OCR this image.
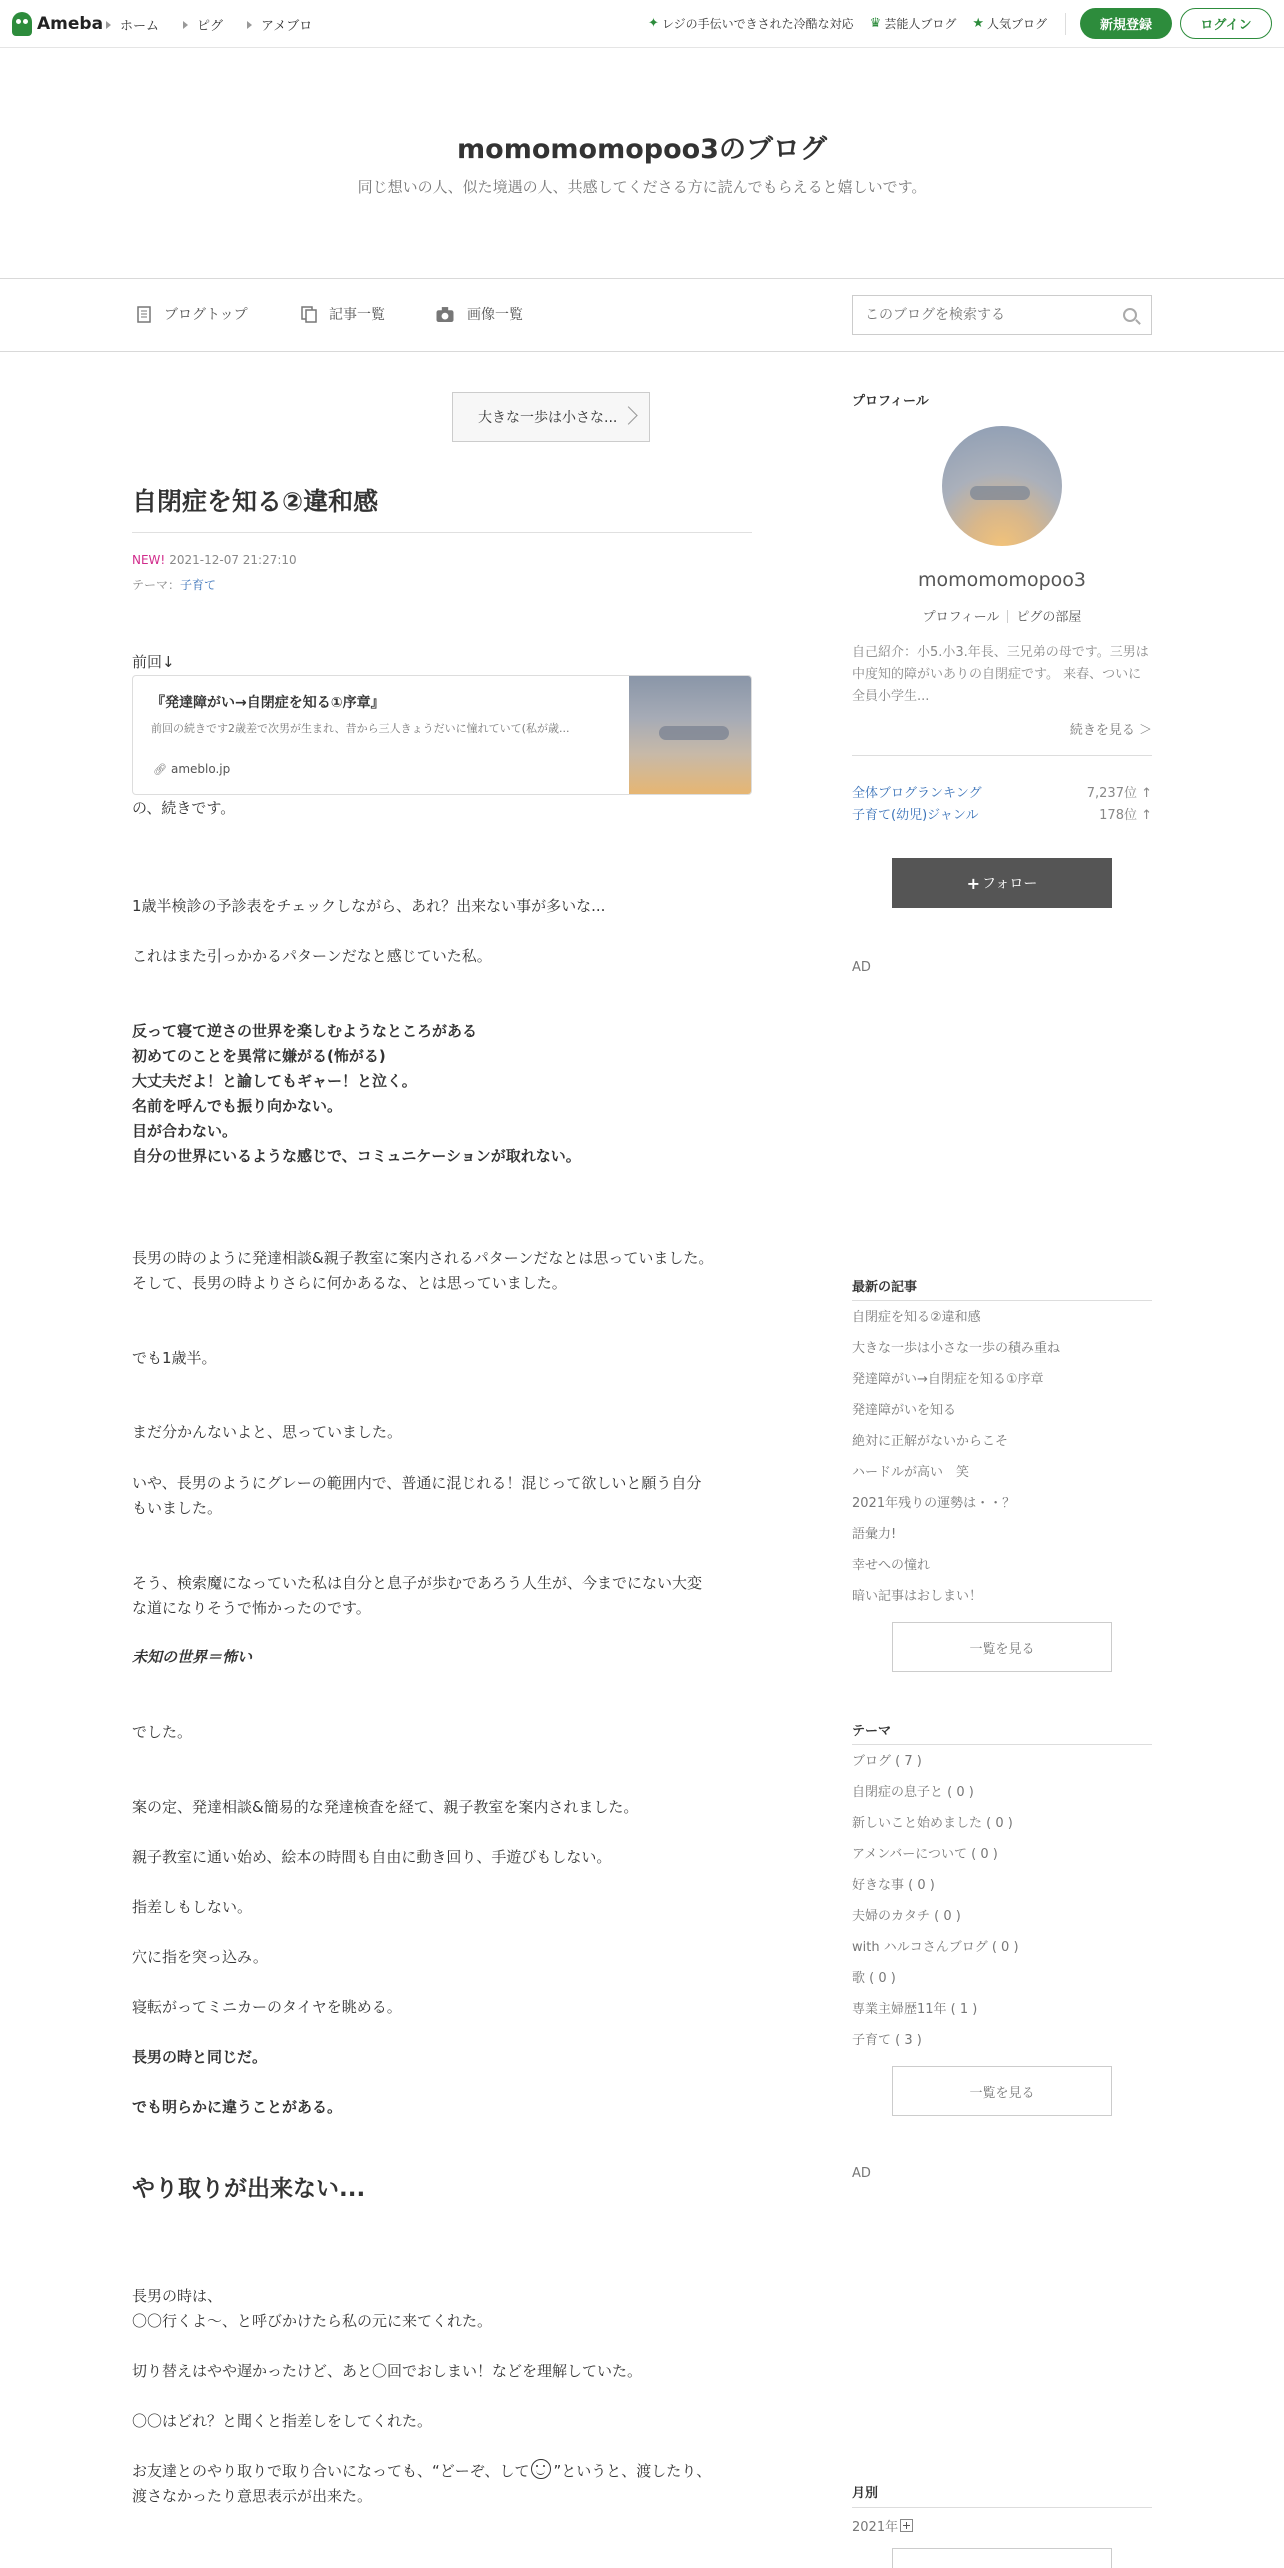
Ameba ホーム	ピグ	アメブロ	✦ レジの手伝いできされた冷酷な対応 ♛ 芸能人ブログ ★ 人気ブログ	新規登録	ログイン
momomomopoo3のブログ
同じ想いの人、似た境遇の人、共感してくださる方に読んでもらえると嬉しいです。
ブログトップ	記事一覧	画像一覧
このブログを検索する
大きな一歩は小さな...
自閉症を知る②違和感
NEW! 2021-12-07 21:27:10
テーマ：子育て
前回↓
『発達障がい→自閉症を知る①序章』
前回の続きです2歳差で次男が生まれ、昔から三人きょうだいに憧れていて(私が歳...
🔗︎ ameblo.jp
の、続きです。
1歳半検診の予診表をチェックしながら、あれ？出来ない事が多いな...
これはまた引っかかるパターンだなと感じていた私。
反って寝て逆さの世界を楽しむようなところがある
初めてのことを異常に嫌がる(怖がる)
大丈夫だよ！と諭してもギャー！と泣く。
名前を呼んでも振り向かない。
目が合わない。
自分の世界にいるような感じで、コミュニケーションが取れない。
長男の時のように発達相談&親子教室に案内されるパターンだなとは思っていました。
そして、長男の時よりさらに何かあるな、とは思っていました。
でも1歳半。
まだ分かんないよと、思っていました。
いや、長男のようにグレーの範囲内で、普通に混じれる！混じって欲しいと願う自分
もいました。
そう、検索魔になっていた私は自分と息子が歩むであろう人生が、今までにない大変
な道になりそうで怖かったのです。
未知の世界＝怖い
でした。
案の定、発達相談&簡易的な発達検査を経て、親子教室を案内されました。
親子教室に通い始め、絵本の時間も自由に動き回り、手遊びもしない。
指差しもしない。
穴に指を突っ込み。
寝転がってミニカーのタイヤを眺める。
長男の時と同じだ。
でも明らかに違うことがある。
やり取りが出来ない...
長男の時は、
〇〇行くよ〜、と呼びかけたら私の元に来てくれた。
切り替えはやや遅かったけど、あと〇回でおしまい！などを理解していた。
〇〇はどれ？と聞くと指差しをしてくれた。
お友達とのやり取りで取り合いになっても、“どーぞ、して ”というと、渡したり、
渡さなかったり意思表示が出来た。
プロフィール
momomomopoo3
プロフィール ピグの部屋
自己紹介：小5.小3.年長、三兄弟の母です。三男は中度知的障がいありの自閉症です。 来春、ついに全員小学生...
続きを見る ＞
全体ブログランキング	7,237位 ↑
子育て(幼児)ジャンル	178位 ↑
+ フォロー
AD
最新の記事
自閉症を知る②違和感
大きな一歩は小さな一歩の積み重ね
発達障がい→自閉症を知る①序章
発達障がいを知る
絶対に正解がないからこそ
ハードルが高い　笑
2021年残りの運勢は・・？
語彙力!
幸せへの憧れ
暗い記事はおしまい！
一覧を見る
テーマ
ブログ ( 7 )
自閉症の息子と ( 0 )
新しいこと始めました ( 0 )
アメンバーについて ( 0 )
好きな事 ( 0 )
夫婦のカタチ ( 0 )
with ハルコさんブログ ( 0 )
歌 ( 0 )
専業主婦歴11年 ( 1 )
子育て ( 3 )
一覧を見る
AD
月別
2021年
